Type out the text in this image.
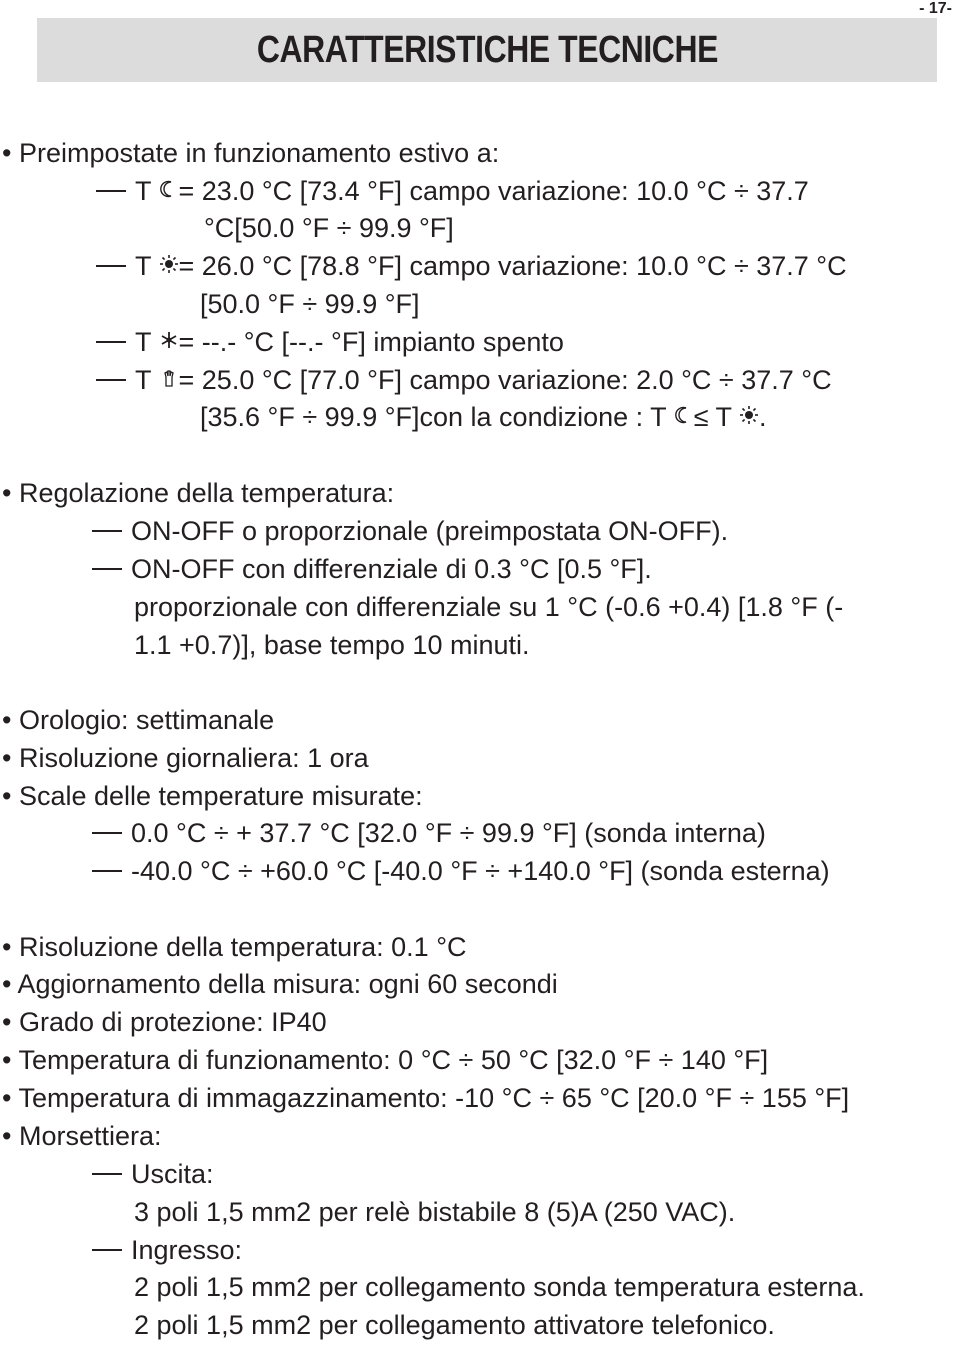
- 17-
CARATTERISTICHE TECNICHE
• Preimpostate in funzionamento estivo a:
T
= 23.0 °C [73.4 °F] campo variazione: 10.0 °C ÷ 37.7
°C[50.0 °F ÷ 99.9 °F]
T
= 26.0 °C [78.8 °F] campo variazione: 10.0 °C ÷ 37.7 °C
[50.0 °F ÷ 99.9 °F]
T
= --.- °C [--.- °F] impianto spento
T
= 25.0 °C [77.0 °F] campo variazione: 2.0 °C ÷ 37.7 °C
[35.6 °F ÷ 99.9 °F]con la condizione : T
≤ T
.
• Regolazione della temperatura:
ON-OFF o proporzionale (preimpostata ON-OFF).
ON-OFF con differenziale di 0.3 °C [0.5 °F].
proporzionale con differenziale su 1 °C (-0.6 +0.4) [1.8 °F (-
1.1 +0.7)], base tempo 10 minuti.
• Orologio: settimanale
• Risoluzione giornaliera: 1 ora
• Scale delle temperature misurate:
0.0 °C ÷ + 37.7 °C [32.0 °F ÷ 99.9 °F] (sonda interna)
-40.0 °C ÷ +60.0 °C [-40.0 °F ÷ +140.0 °F] (sonda esterna)
• Risoluzione della temperatura: 0.1 °C
• Aggiornamento della misura: ogni 60 secondi
• Grado di protezione: IP40
• Temperatura di funzionamento: 0 °C ÷ 50 °C [32.0 °F ÷ 140 °F]
• Temperatura di immagazzinamento: -10 °C ÷ 65 °C [20.0 °F ÷ 155 °F]
• Morsettiera:
Uscita:
3 poli 1,5 mm2 per relè bistabile 8 (5)A (250 VAC).
Ingresso:
2 poli 1,5 mm2 per collegamento sonda temperatura esterna.
2 poli 1,5 mm2 per collegamento attivatore telefonico.
